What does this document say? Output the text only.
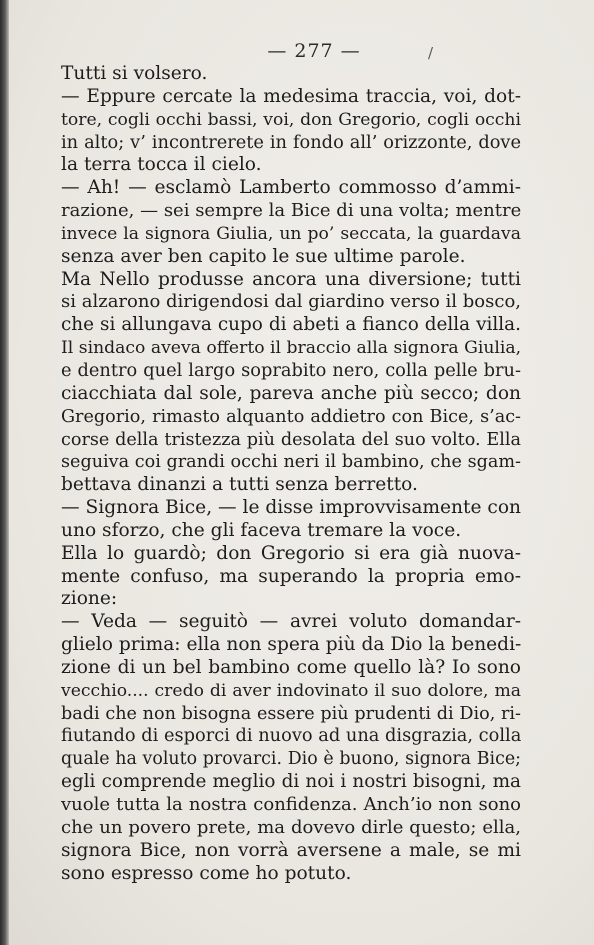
— 277 —	/
Tutti si volsero.
— Eppure cercate la medesima traccia, voi, dot-
tore, cogli occhi bassi, voi, don Gregorio, cogli occhi
in alto; v’ incontrerete in fondo all’ orizzonte, dove
la terra tocca il cielo.
— Ah! — esclamò Lamberto commosso d’ammi-
razione, — sei sempre la Bice di una volta; mentre
invece la signora Giulia, un po’ seccata, la guardava
senza aver ben capito le sue ultime parole.
Ma Nello produsse ancora una diversione; tutti
si alzarono dirigendosi dal giardino verso il bosco,
che si allungava cupo di abeti a fianco della villa.
Il sindaco aveva offerto il braccio alla signora Giulia,
e dentro quel largo soprabito nero, colla pelle bru-
ciacchiata dal sole, pareva anche più secco; don
Gregorio, rimasto alquanto addietro con Bice, s’ac-
corse della tristezza più desolata del suo volto. Ella
seguiva coi grandi occhi neri il bambino, che sgam-
bettava dinanzi a tutti senza berretto.
— Signora Bice, — le disse improvvisamente con
uno sforzo, che gli faceva tremare la voce.
Ella lo guardò; don Gregorio si era già nuova-
mente confuso, ma superando la propria emo-
zione:
— Veda — seguitò — avrei voluto domandar-
glielo prima: ella non spera più da Dio la benedi-
zione di un bel bambino come quello là? Io sono
vecchio.... credo di aver indovinato il suo dolore, ma
badi che non bisogna essere più prudenti di Dio, ri-
fiutando di esporci di nuovo ad una disgrazia, colla
quale ha voluto provarci. Dio è buono, signora Bice;
egli comprende meglio di noi i nostri bisogni, ma
vuole tutta la nostra confidenza. Anch’io non sono
che un povero prete, ma dovevo dirle questo; ella,
signora Bice, non vorrà aversene a male, se mi
sono espresso come ho potuto.
